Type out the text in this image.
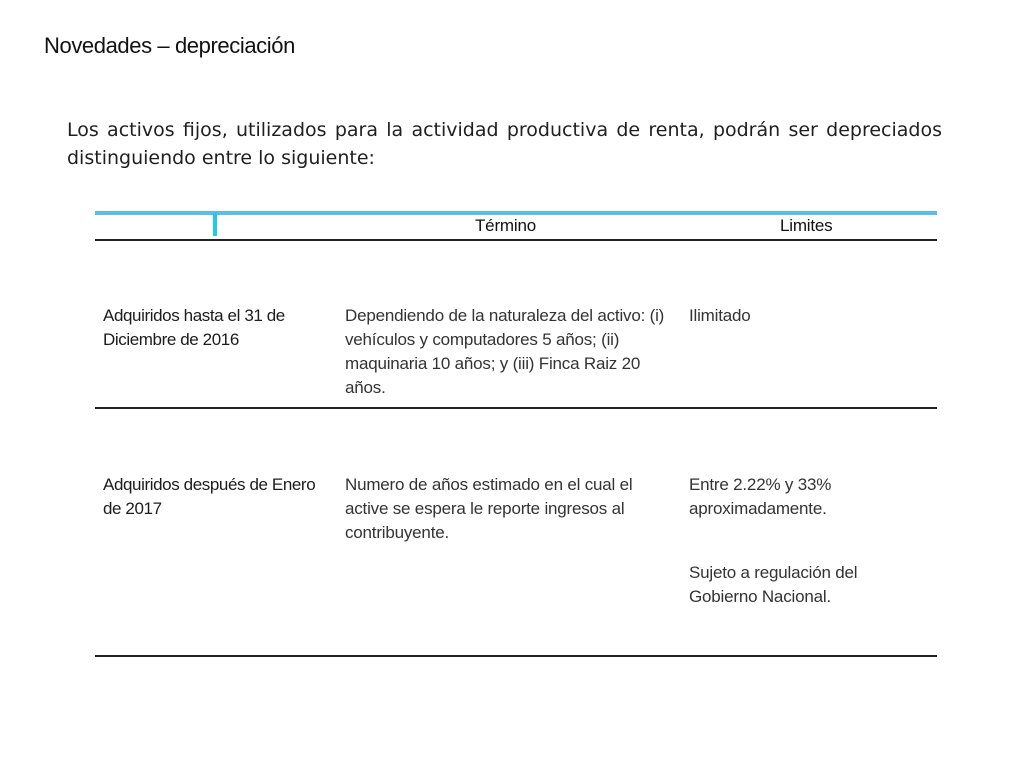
Novedades – depreciación
Los activos fijos, utilizados para la actividad productiva de renta, podrán ser depreciados distinguiendo entre lo siguiente:
Término	Limites
Adquiridos hasta el 31 de Diciembre de 2016
Dependiendo de la naturaleza del activo: (i) vehículos y computadores 5 años; (ii) maquinaria 10 años; y (iii) Finca Raiz 20 años.
Ilimitado
Adquiridos después de Enero de 2017
Numero de años estimado en el cual el active se espera le reporte ingresos al contribuyente.
Entre 2.22% y 33% aproximadamente.
Sujeto a regulación del Gobierno Nacional.
